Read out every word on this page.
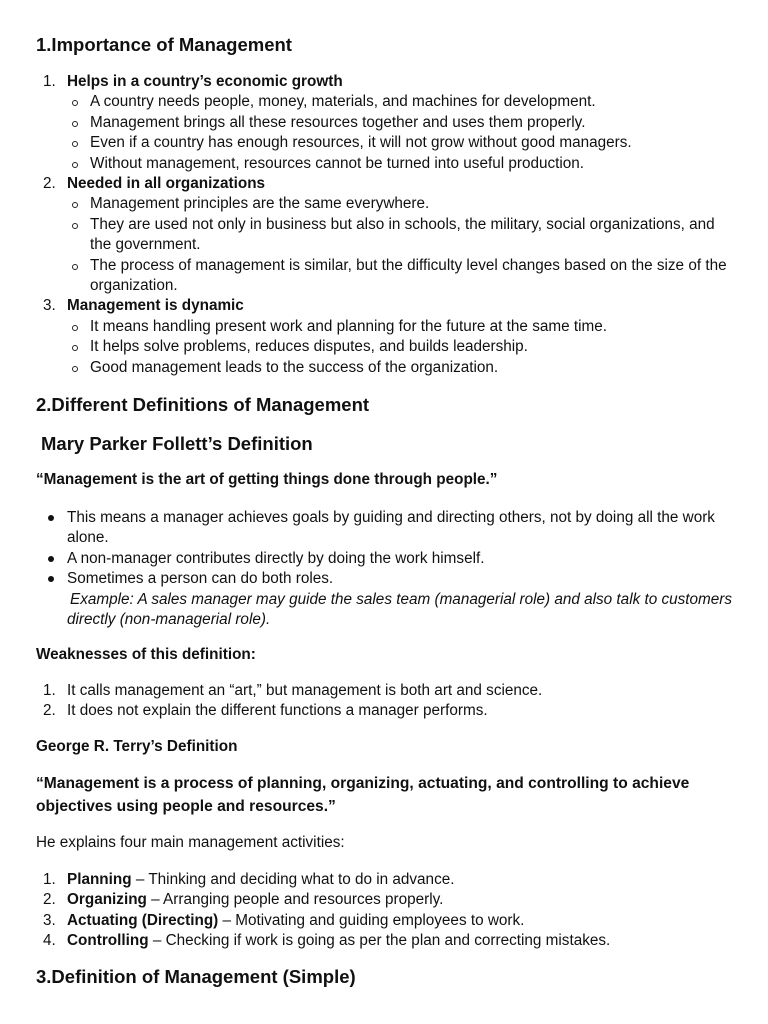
1.Importance of Management
1. Helps in a country’s economic growth
A country needs people, money, materials, and machines for development.
Management brings all these resources together and uses them properly.
Even if a country has enough resources, it will not grow without good managers.
Without management, resources cannot be turned into useful production.
2. Needed in all organizations
Management principles are the same everywhere.
They are used not only in business but also in schools, the military, social organizations, and the government.
The process of management is similar, but the difficulty level changes based on the size of the organization.
3. Management is dynamic
It means handling present work and planning for the future at the same time.
It helps solve problems, reduces disputes, and builds leadership.
Good management leads to the success of the organization.
2.Different Definitions of Management
Mary Parker Follett’s Definition
“Management is the art of getting things done through people.”
This means a manager achieves goals by guiding and directing others, not by doing all the work alone.
A non-manager contributes directly by doing the work himself.
Sometimes a person can do both roles.
Example: A sales manager may guide the sales team (managerial role) and also talk to customers directly (non-managerial role).
Weaknesses of this definition:
1. It calls management an “art,” but management is both art and science.
2. It does not explain the different functions a manager performs.
George R. Terry’s Definition
“Management is a process of planning, organizing, actuating, and controlling to achieve objectives using people and resources.”
He explains four main management activities:
1. Planning – Thinking and deciding what to do in advance.
2. Organizing – Arranging people and resources properly.
3. Actuating (Directing) – Motivating and guiding employees to work.
4. Controlling – Checking if work is going as per the plan and correcting mistakes.
3.Definition of Management (Simple)
